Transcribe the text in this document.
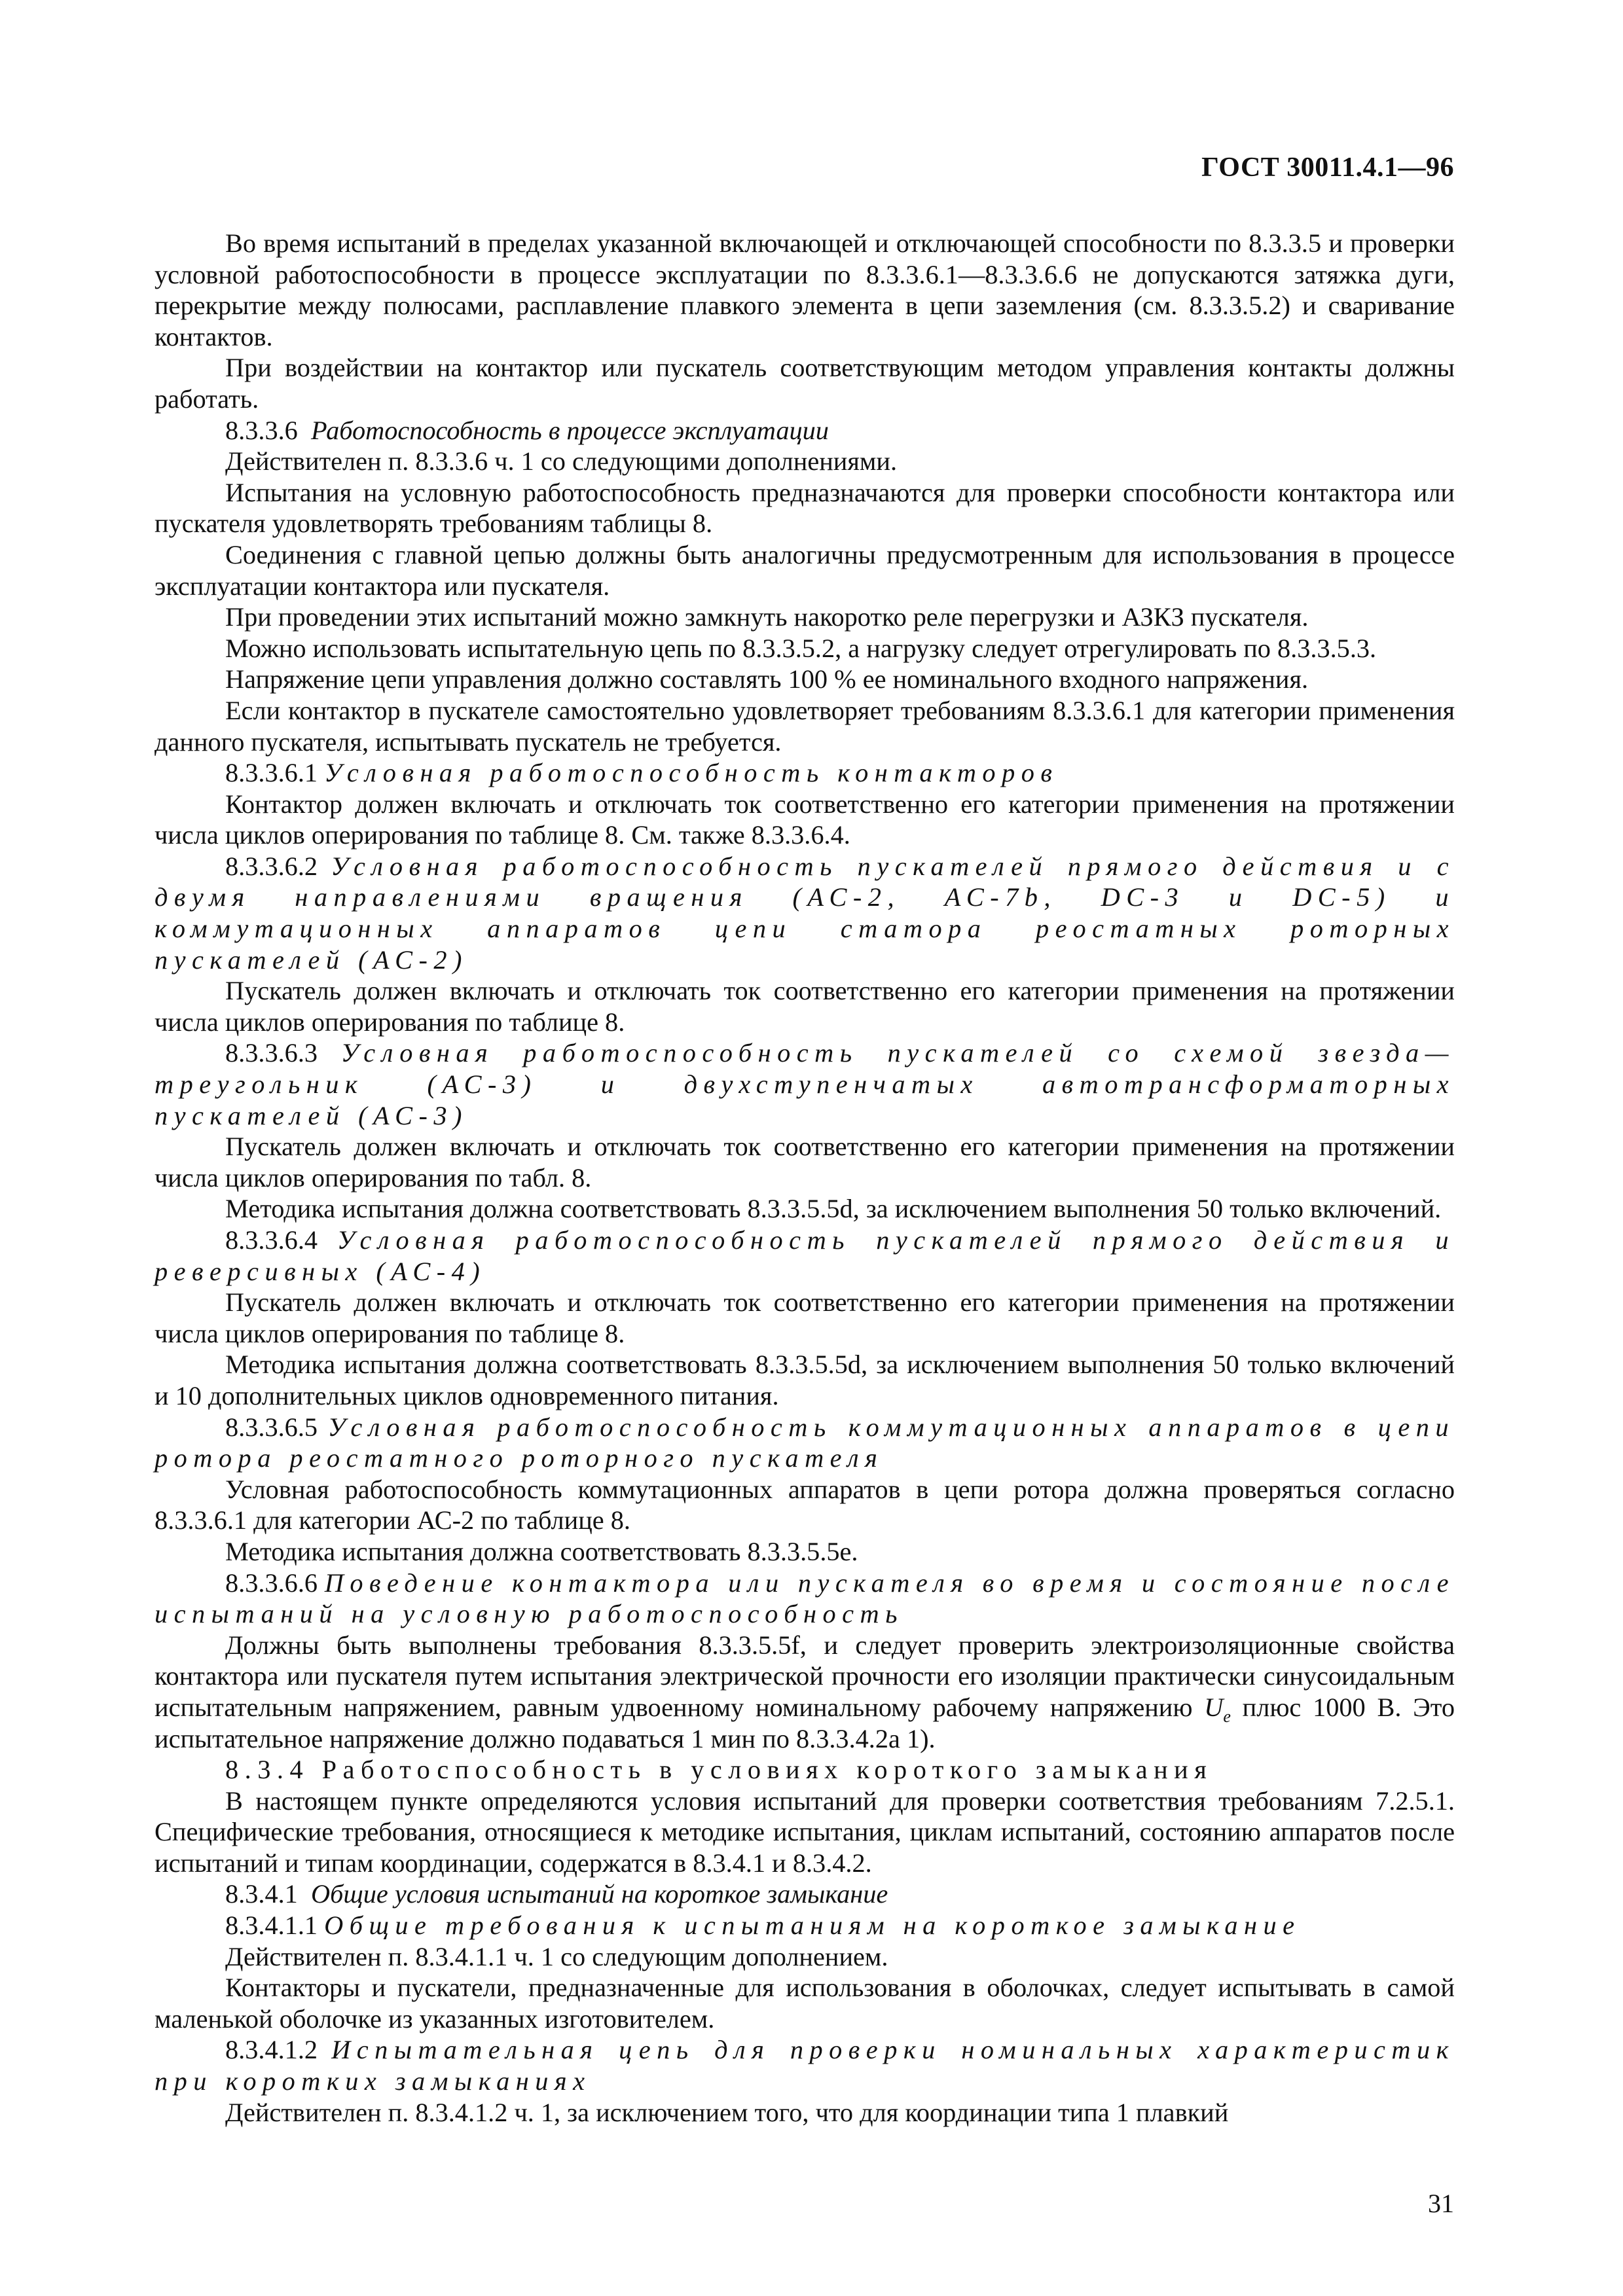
ГОСТ 30011.4.1—96

Во время испытаний в пределах указанной включающей и отключающей способности по 8.3.3.5 и проверки условной работоспособности в процессе эксплуатации по 8.3.3.6.1—8.3.3.6.6 не допускаются затяжка дуги, перекрытие между полюсами, расплавление плавкого элемента в цепи заземления (см. 8.3.3.5.2) и сваривание контактов.

При воздействии на контактор или пускатель соответствующим методом управления контакты должны работать.

8.3.3.6 Работоспособность в процессе эксплуатации

Действителен п. 8.3.3.6 ч. 1 со следующими дополнениями.

Испытания на условную работоспособность предназначаются для проверки способности контактора или пускателя удовлетворять требованиям таблицы 8.

Соединения с главной цепью должны быть аналогичны предусмотренным для использования в процессе эксплуатации контактора или пускателя.

При проведении этих испытаний можно замкнуть накоротко реле перегрузки и АЗКЗ пускателя.

Можно использовать испытательную цепь по 8.3.3.5.2, а нагрузку следует отрегулировать по 8.3.3.5.3.

Напряжение цепи управления должно составлять 100 % ее номинального входного напряжения.

Если контактор в пускателе самостоятельно удовлетворяет требованиям 8.3.3.6.1 для категории применения данного пускателя, испытывать пускатель не требуется.

8.3.3.6.1 Условная работоспособность контакторов

Контактор должен включать и отключать ток соответственно его категории применения на протяжении числа циклов оперирования по таблице 8. См. также 8.3.3.6.4.

8.3.3.6.2 Условная работоспособность пускателей прямого действия и с двумя направлениями вращения (АС-2, АС-7b, DC-3 и DC-5) и коммутационных аппаратов цепи статора реостатных роторных пускателей (АС-2)

Пускатель должен включать и отключать ток соответственно его категории применения на протяжении числа циклов оперирования по таблице 8.

8.3.3.6.3 Условная работоспособность пускателей со схемой звезда—треугольник (АС-3) и двухступенчатых автотрансформаторных пускателей (АС-3)

Пускатель должен включать и отключать ток соответственно его категории применения на протяжении числа циклов оперирования по табл. 8.

Методика испытания должна соответствовать 8.3.3.5.5d, за исключением выполнения 50 только включений.

8.3.3.6.4 Условная работоспособность пускателей прямого действия и реверсивных (АС-4)

Пускатель должен включать и отключать ток соответственно его категории применения на протяжении числа циклов оперирования по таблице 8.

Методика испытания должна соответствовать 8.3.3.5.5d, за исключением выполнения 50 только включений и 10 дополнительных циклов одновременного питания.

8.3.3.6.5 Условная работоспособность коммутационных аппаратов в цепи ротора реостатного роторного пускателя

Условная работоспособность коммутационных аппаратов в цепи ротора должна проверяться согласно 8.3.3.6.1 для категории АС-2 по таблице 8.

Методика испытания должна соответствовать 8.3.3.5.5e.

8.3.3.6.6 Поведение контактора или пускателя во время и состояние после испытаний на условную работоспособность

Должны быть выполнены требования 8.3.3.5.5f, и следует проверить электроизоляционные свойства контактора или пускателя путем испытания электрической прочности его изоляции практически синусоидальным испытательным напряжением, равным удвоенному номинальному рабочему напряжению $U_e$ плюс 1000 В. Это испытательное напряжение должно подаваться 1 мин по 8.3.3.4.2a 1).

8.3.4 Работоспособность в условиях короткого замыкания

В настоящем пункте определяются условия испытаний для проверки соответствия требованиям 7.2.5.1. Специфические требования, относящиеся к методике испытания, циклам испытаний, состоянию аппаратов после испытаний и типам координации, содержатся в 8.3.4.1 и 8.3.4.2.

8.3.4.1 Общие условия испытаний на короткое замыкание

8.3.4.1.1 Общие требования к испытаниям на короткое замыкание

Действителен п. 8.3.4.1.1 ч. 1 со следующим дополнением.

Контакторы и пускатели, предназначенные для использования в оболочках, следует испытывать в самой маленькой оболочке из указанных изготовителем.

8.3.4.1.2 Испытательная цепь для проверки номинальных характеристик при коротких замыканиях

Действителен п. 8.3.4.1.2 ч. 1, за исключением того, что для координации типа 1 плавкий

31
